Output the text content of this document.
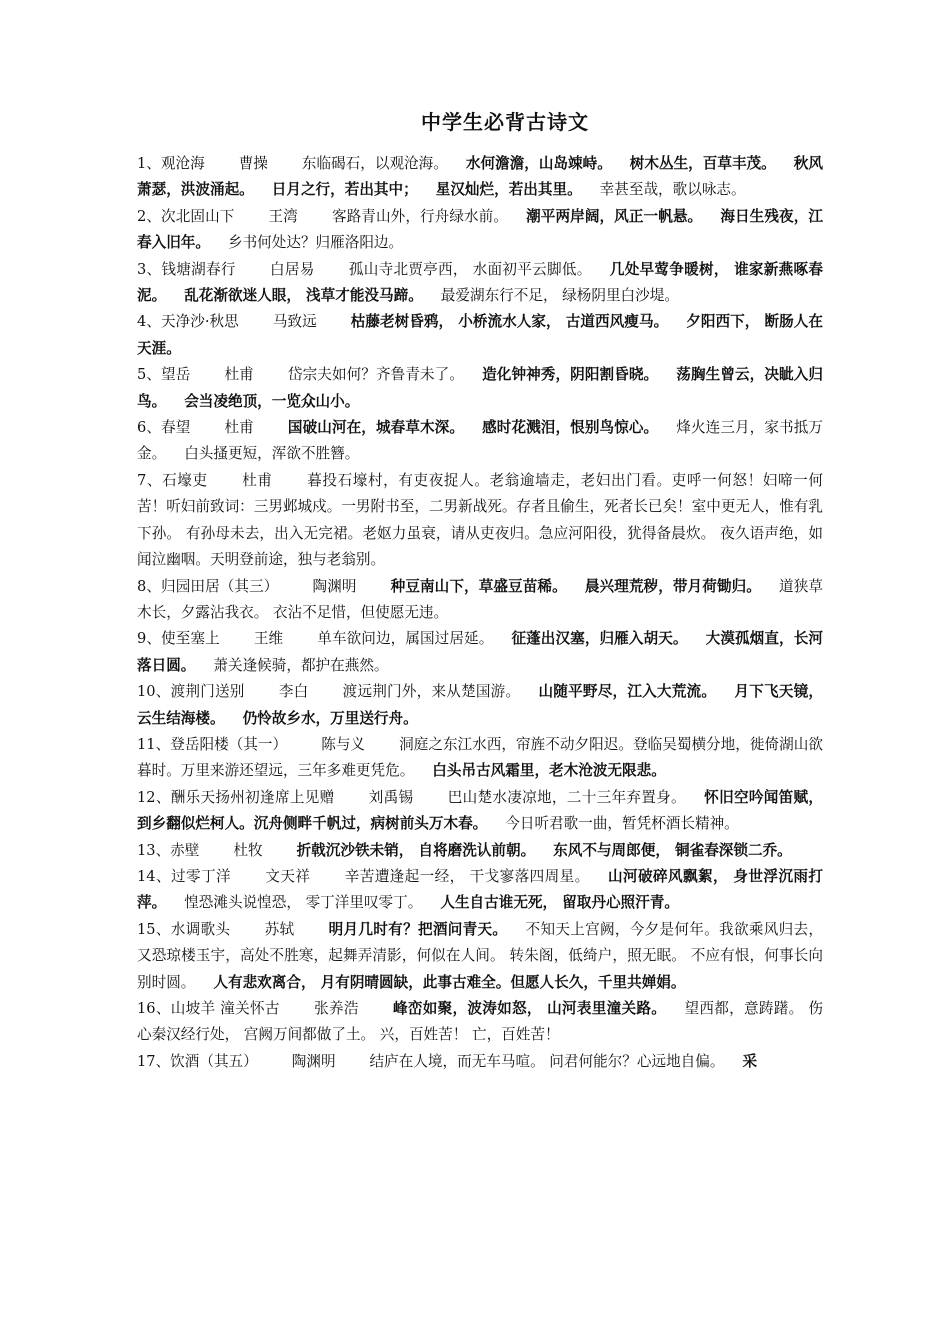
中学生必背古诗文

1、观沧海 曹操 东临碣石，以观沧海。 水何澹澹，山岛竦峙。 树木丛生，百草丰茂。 秋风萧瑟，洪波涌起。 日月之行，若出其中； 星汉灿烂，若出其里。 幸甚至哉，歌以咏志。

2、次北固山下 王湾 客路青山外，行舟绿水前。 潮平两岸阔，风正一帆悬。 海日生残夜，江春入旧年。 乡书何处达？归雁洛阳边。

3、钱塘湖春行 白居易 孤山寺北贾亭西， 水面初平云脚低。 几处早莺争暖树， 谁家新燕啄春泥。 乱花渐欲迷人眼， 浅草才能没马蹄。 最爱湖东行不足， 绿杨阴里白沙堤。

4、天净沙·秋思 马致远 枯藤老树昏鸦， 小桥流水人家， 古道西风瘦马。 夕阳西下， 断肠人在天涯。

5、望岳 杜甫 岱宗夫如何？齐鲁青未了。 造化钟神秀，阴阳割昏晓。 荡胸生曾云，决眦入归鸟。 会当凌绝顶，一览众山小。

6、春望 杜甫 国破山河在，城春草木深。 感时花溅泪，恨别鸟惊心。 烽火连三月，家书抵万金。 白头搔更短，浑欲不胜簪。

7、石壕吏 杜甫 暮投石壕村，有吏夜捉人。老翁逾墙走，老妇出门看。吏呼一何怒！妇啼一何苦！听妇前致词：三男邺城戍。一男附书至，二男新战死。存者且偷生，死者长已矣！室中更无人，惟有乳下孙。 有孙母未去，出入无完裙。老妪力虽衰，请从吏夜归。急应河阳役，犹得备晨炊。 夜久语声绝，如闻泣幽咽。天明登前途，独与老翁别。

8、归园田居（其三） 陶渊明 种豆南山下，草盛豆苗稀。 晨兴理荒秽，带月荷锄归。 道狭草木长，夕露沾我衣。 衣沾不足惜，但使愿无违。

9、使至塞上 王维 单车欲问边，属国过居延。 征蓬出汉塞，归雁入胡天。 大漠孤烟直，长河落日圆。 萧关逢候骑，都护在燕然。

10、渡荆门送别 李白 渡远荆门外，来从楚国游。 山随平野尽，江入大荒流。 月下飞天镜，云生结海楼。 仍怜故乡水，万里送行舟。

11、登岳阳楼（其一） 陈与义 洞庭之东江水西，帘旌不动夕阳迟。登临吴蜀横分地，徙倚湖山欲暮时。万里来游还望远，三年多难更凭危。 白头吊古风霜里，老木沧波无限悲。

12、酬乐天扬州初逢席上见赠 刘禹锡 巴山楚水凄凉地，二十三年弃置身。 怀旧空吟闻笛赋，到乡翻似烂柯人。沉舟侧畔千帆过，病树前头万木春。 今日听君歌一曲，暂凭杯酒长精神。

13、赤壁 杜牧 折戟沉沙铁未销， 自将磨洗认前朝。 东风不与周郎便， 铜雀春深锁二乔。

14、过零丁洋 文天祥 辛苦遭逢起一经， 干戈寥落四周星。 山河破碎风飘絮， 身世浮沉雨打萍。 惶恐滩头说惶恐， 零丁洋里叹零丁。 人生自古谁无死， 留取丹心照汗青。

15、水调歌头 苏轼 明月几时有？把酒问青天。 不知天上宫阙，今夕是何年。我欲乘风归去， 又恐琼楼玉宇，高处不胜寒，起舞弄清影，何似在人间。 转朱阁，低绮户，照无眠。 不应有恨，何事长向别时圆。 人有悲欢离合， 月有阴晴圆缺，此事古难全。但愿人长久，千里共婵娟。

16、山坡羊 潼关怀古 张养浩 峰峦如聚，波涛如怒， 山河表里潼关路。 望西都，意踌躇。 伤心秦汉经行处， 宫阙万间都做了土。 兴，百姓苦！ 亡，百姓苦！

17、饮酒（其五） 陶渊明 结庐在人境，而无车马喧。 问君何能尔？心远地自偏。 采
